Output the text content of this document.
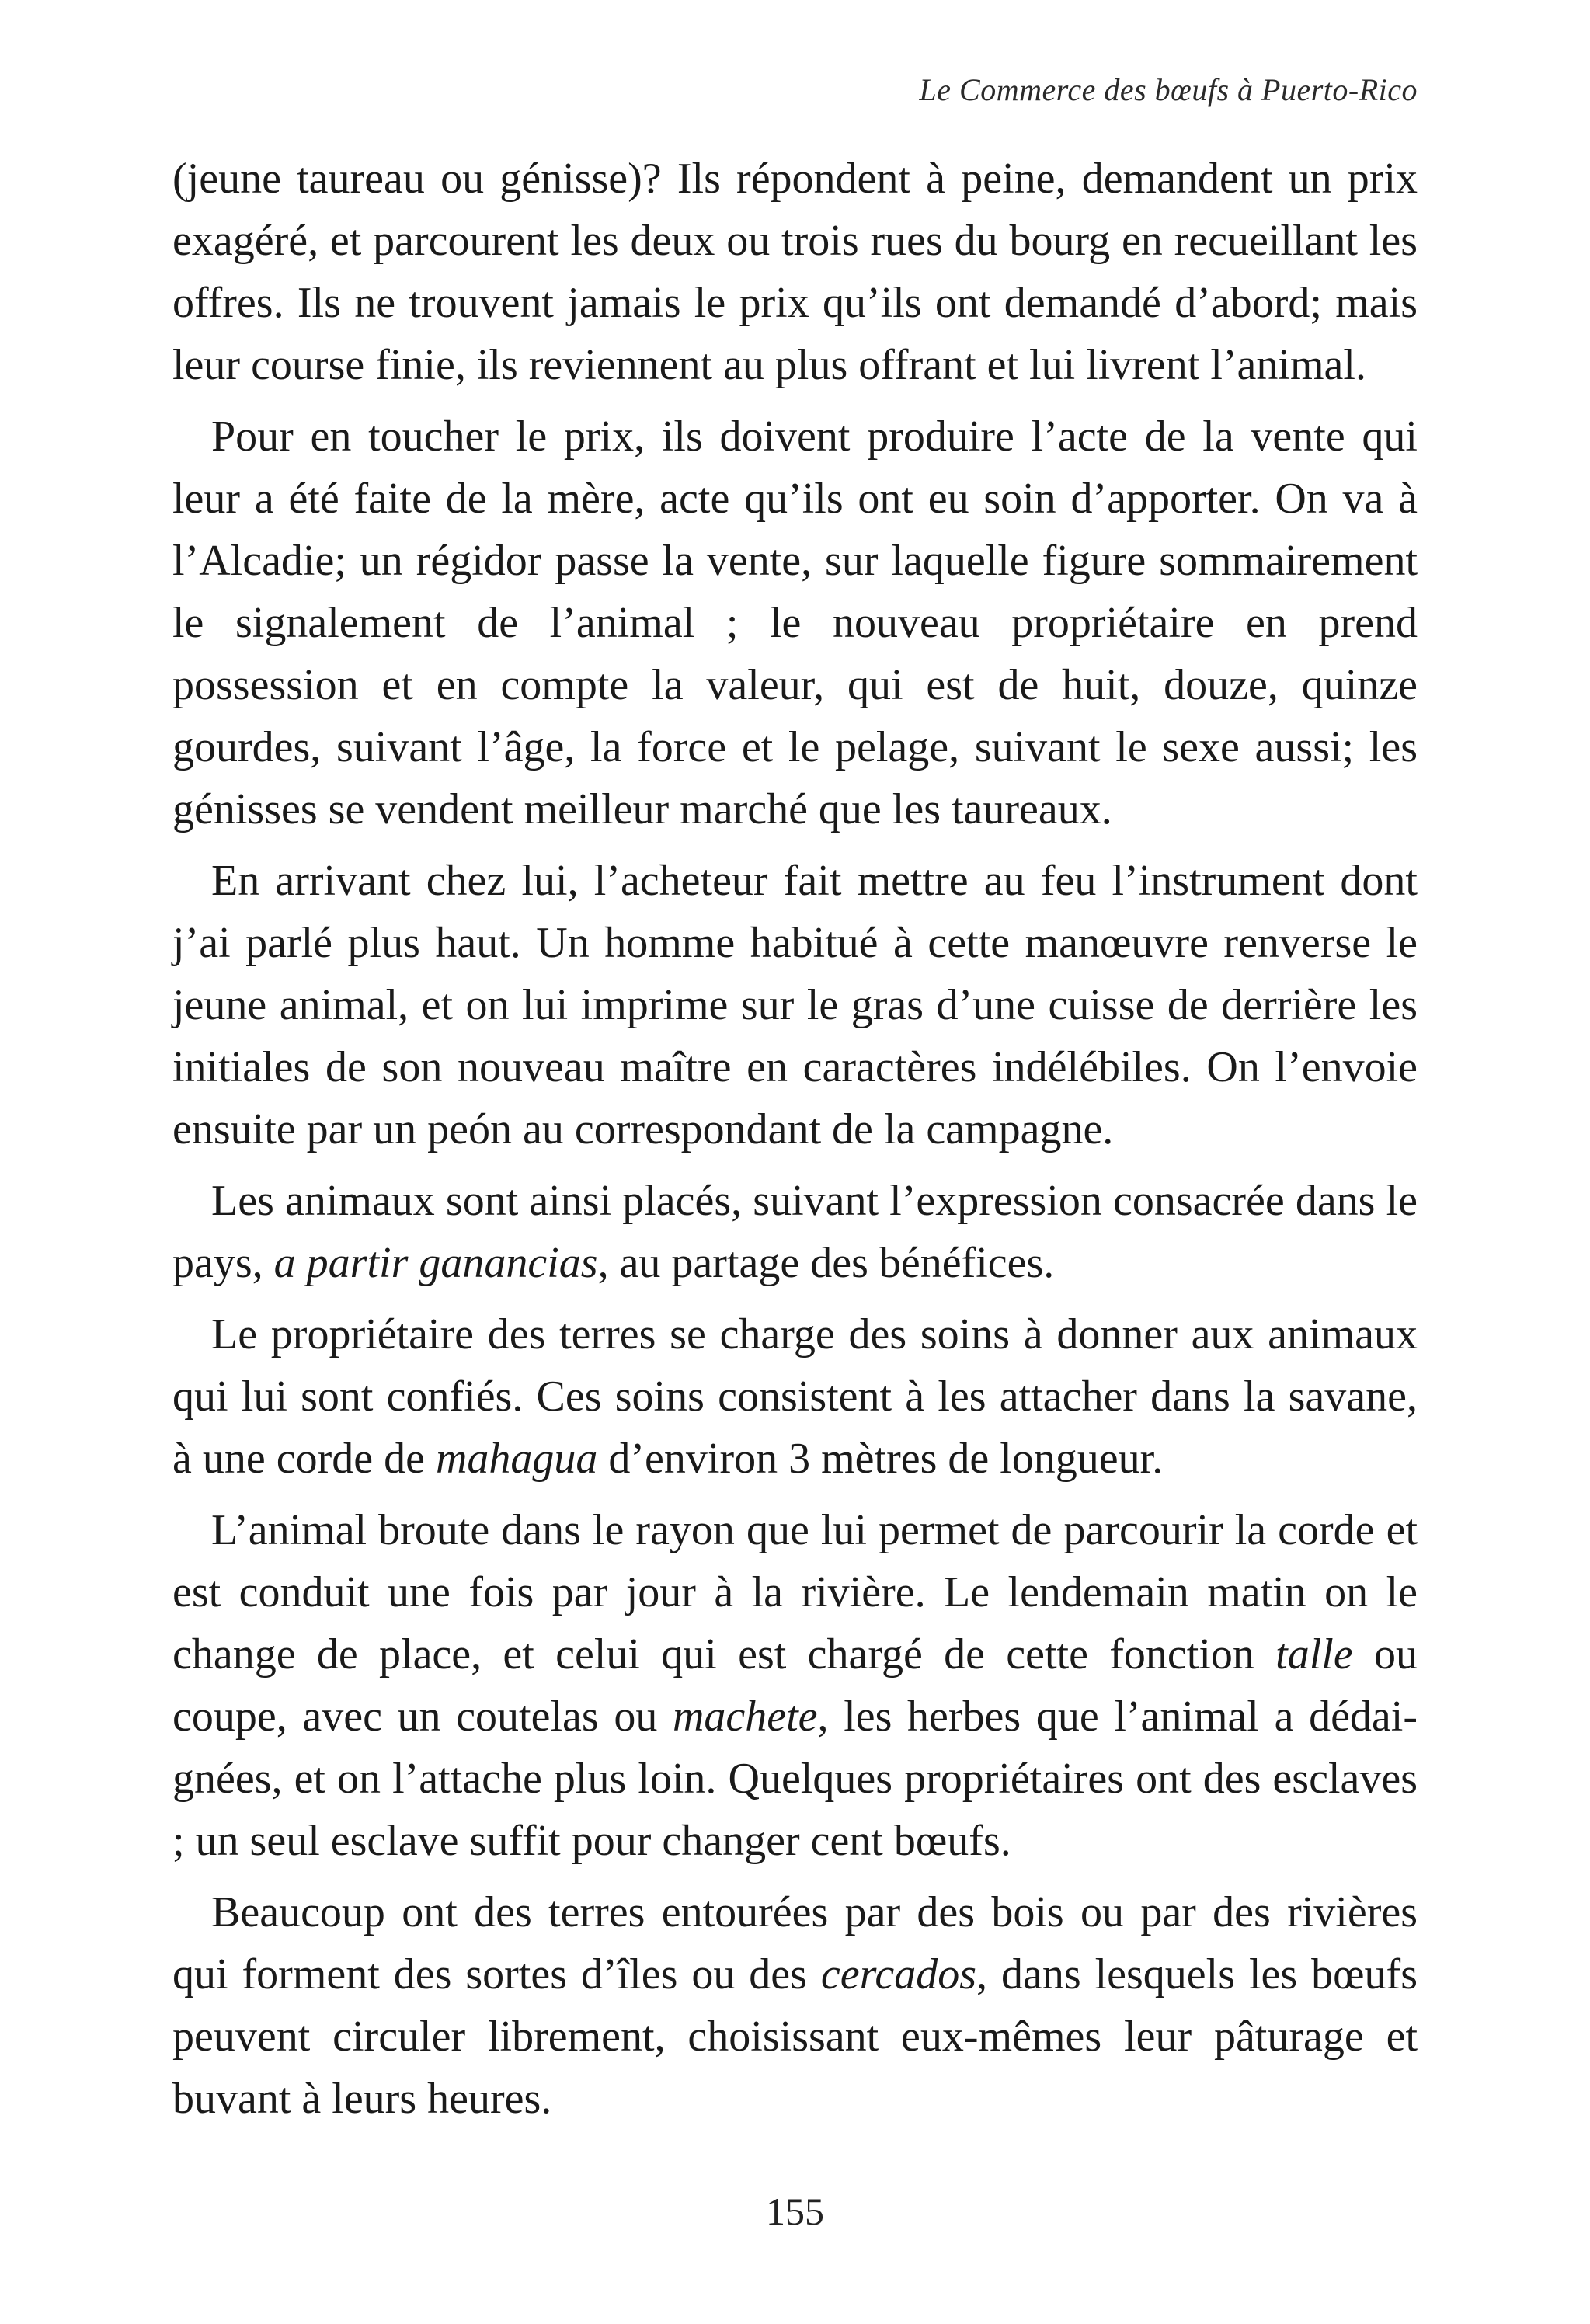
Le Commerce des bœufs à Puerto-Rico

(jeune taureau ou génisse)? Ils répondent à peine, demandent un prix exagéré, et parcourent les deux ou trois rues du bourg en recueillant les offres. Ils ne trouvent jamais le prix qu’ils ont demandé d’abord; mais leur course finie, ils reviennent au plus offrant et lui livrent l’animal.

Pour en toucher le prix, ils doivent produire l’acte de la vente qui leur a été faite de la mère, acte qu’ils ont eu soin d’apporter. On va à l’Alcadie; un régidor passe la vente, sur laquelle figure sommairement le signalement de l’animal ; le nouveau propriétaire en prend possession et en compte la valeur, qui est de huit, douze, quinze gourdes, suivant l’âge, la force et le pelage, suivant le sexe aussi; les génisses se vendent meilleur marché que les taureaux.

En arrivant chez lui, l’acheteur fait mettre au feu l’instrument dont j’ai parlé plus haut. Un homme habitué à cette manœuvre renverse le jeune animal, et on lui imprime sur le gras d’une cuisse de derrière les initiales de son nouveau maître en caractères indélébiles. On l’envoie ensuite par un peón au correspondant de la campagne.

Les animaux sont ainsi placés, suivant l’expression consacrée dans le pays, a partir ganancias, au partage des bénéfices.

Le propriétaire des terres se charge des soins à donner aux animaux qui lui sont confiés. Ces soins consistent à les attacher dans la savane, à une corde de mahagua d’environ 3 mètres de longueur.

L’animal broute dans le rayon que lui permet de parcourir la corde et est conduit une fois par jour à la rivière. Le lendemain matin on le change de place, et celui qui est chargé de cette fonction talle ou coupe, avec un coutelas ou machete, les herbes que l’animal a dédaignées, et on l’attache plus loin. Quelques propriétaires ont des esclaves ; un seul esclave suffit pour changer cent bœufs.

Beaucoup ont des terres entourées par des bois ou par des rivières qui forment des sortes d’îles ou des cercados, dans lesquels les bœufs peuvent circuler librement, choisissant eux-mêmes leur pâturage et buvant à leurs heures.

155
